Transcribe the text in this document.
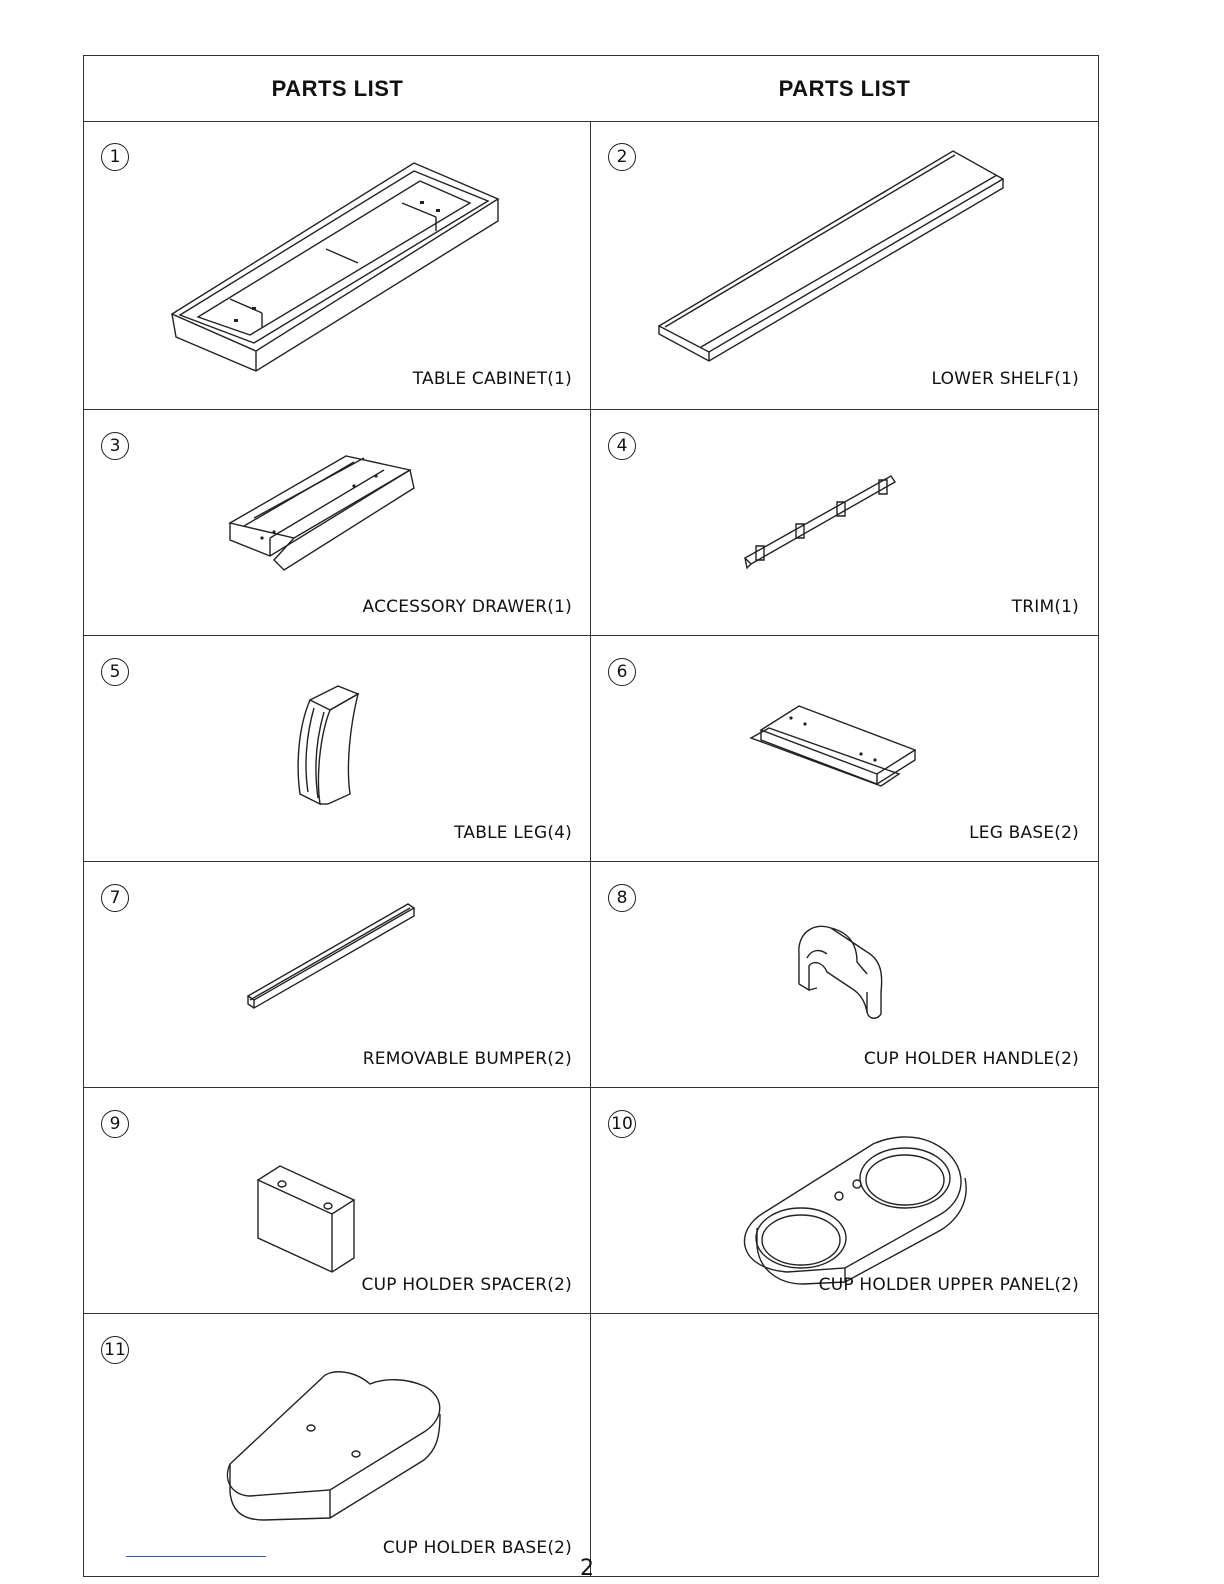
PARTS LIST	PARTS LIST
1
TABLE CABINET(1)
2
LOWER SHELF(1)
3
ACCESSORY DRAWER(1)
4
TRIM(1)
5
TABLE LEG(4)
6
LEG BASE(2)
7
REMOVABLE BUMPER(2)
8
CUP HOLDER HANDLE(2)
9
CUP HOLDER SPACER(2)
10
CUP HOLDER UPPER PANEL(2)
11
CUP HOLDER BASE(2)
2
